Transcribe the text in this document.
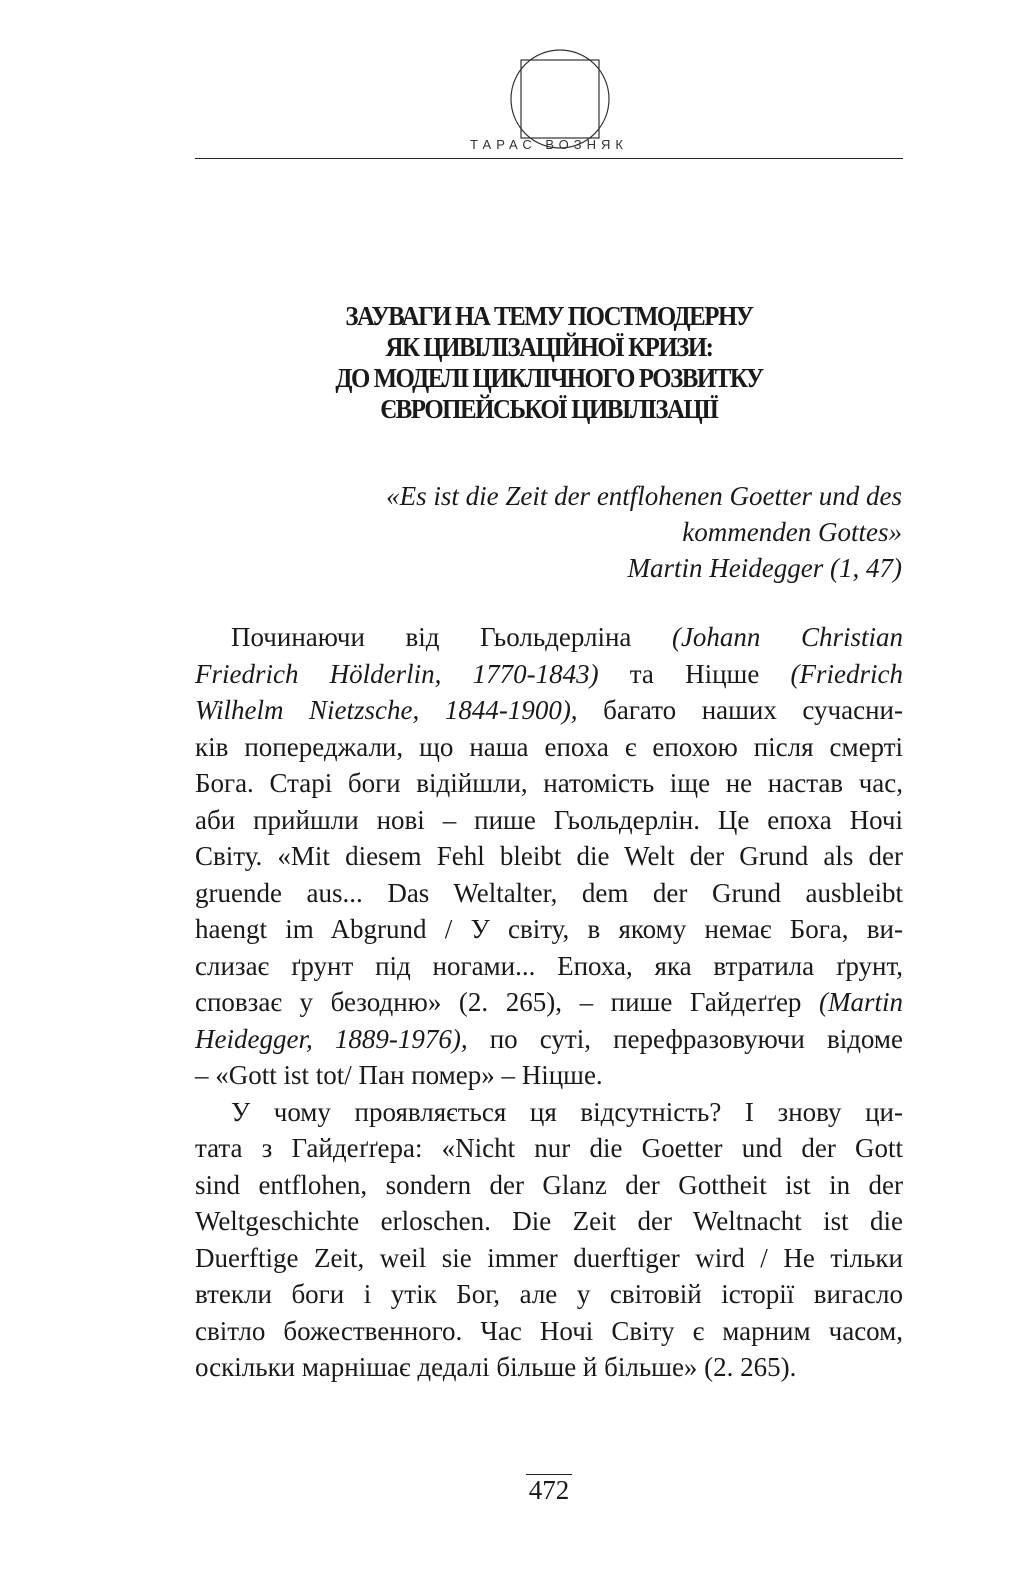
ТАРАС ВОЗНЯК
ЗАУВАГИ НА ТЕМУ ПОСТМОДЕРНУ
ЯК ЦИВІЛІЗАЦІЙНОЇ КРИЗИ:
ДО МОДЕЛІ ЦИКЛІЧНОГО РОЗВИТКУ
ЄВРОПЕЙСЬКОЇ ЦИВІЛІЗАЦІЇ
«Es ist die Zeit der entflohenen Goetter und des
kommenden Gottes»
Martin Heidegger (1, 47)
Починаючи від Гьольдерліна (Johann Christian
Friedrich Hölderlin, 1770-1843) та Ніцше (Friedrich
Wilhelm Nietzsche, 1844-1900), багато наших сучасни-
ків попереджали, що наша епоха є епохою після смерті
Бога. Старі боги відійшли, натомість іще не настав час,
аби прийшли нові – пише Гьольдерлін. Це епоха Ночі
Світу. «Mit diesem Fehl bleibt die Welt der Grund als der
gruende aus... Das Weltalter, dem der Grund ausbleibt
haengt im Abgrund / У світу, в якому немає Бога, ви-
слизає ґрунт під ногами... Епоха, яка втратила ґрунт,
сповзає у безодню» (2. 265), – пише Гайдеґґер (Martin
Heidegger, 1889-1976), по суті, перефразовуючи відоме
– «Gott ist tot/ Пан помер» – Ніцше.
У чому проявляється ця відсутність? І знову ци-
тата з Гайдеґґера: «Nicht nur die Goetter und der Gott
sind entflohen, sondern der Glanz der Gottheit ist in der
Weltgeschichte erloschen. Die Zeit der Weltnacht ist die
Duerftige Zeit, weil sie immer duerftiger wird / Не тільки
втекли боги і утік Бог, але у світовій історії вигасло
світло божественного. Час Ночі Світу є марним часом,
оскільки марнішає дедалі більше й більше» (2. 265).
472
